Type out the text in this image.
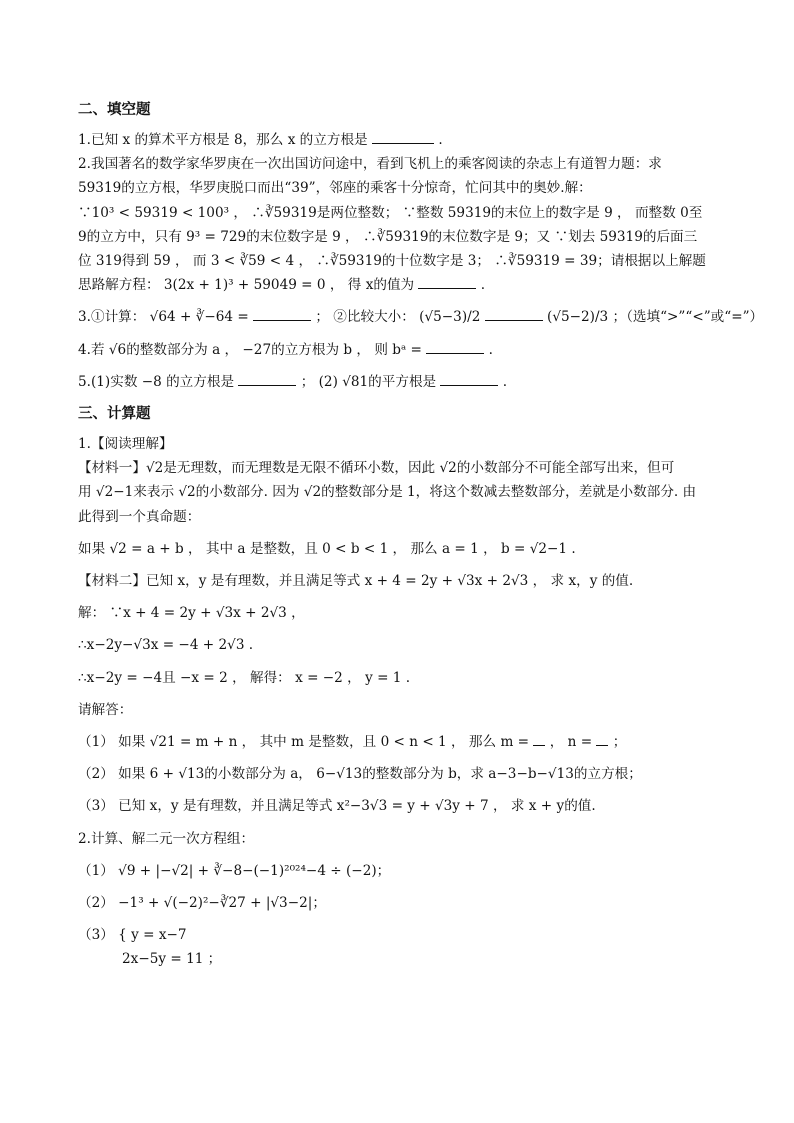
二、填空题

1.已知 x 的算术平方根是 8，那么 x 的立方根是	.

2.我国著名的数学家华罗庚在一次出国访问途中，看到飞机上的乘客阅读的杂志上有道智力题：求

59319的立方根，华罗庚脱口而出“39”，邻座的乘客十分惊奇，忙问其中的奥妙.解：

∵10³ < 59319 < 100³ ， ∴∛59319是两位整数； ∵整数 59319的末位上的数字是 9 ， 而整数 0至

9的立方中，只有 9³ = 729的末位数字是 9 ， ∴∛59319的末位数字是 9；又 ∵划去 59319的后面三

位 319得到 59 ， 而 3 < ∛59 < 4 ， ∴∛59319的十位数字是 3； ∴∛59319 = 39；请根据以上解题

思路解方程： 3(2x + 1)³ + 59049 = 0 ， 得 x的值为	.

3.①计算： √64 + ∛−64 =	； ②比较大小： (√5−3)/2	(√5−2)/3 ；（选填“>”“<”或“=”）

4.若 √6的整数部分为 a ， −27的立方根为 b ， 则 bᵃ =	.

5.(1)实数 −8 的立方根是	； (2) √81的平方根是	.

三、计算题

1.【阅读理解】

【材料一】√2是无理数，而无理数是无限不循环小数，因此 √2的小数部分不可能全部写出来，但可

用 √2−1来表示 √2的小数部分. 因为 √2的整数部分是 1，将这个数减去整数部分，差就是小数部分. 由

此得到一个真命题：

如果 √2 = a + b ， 其中 a 是整数，且 0 < b < 1 ， 那么 a = 1 ， b = √2−1 .

【材料二】已知 x，y 是有理数，并且满足等式 x + 4 = 2y + √3x + 2√3 ， 求 x，y 的值.

解： ∵x + 4 = 2y + √3x + 2√3 ，

∴x−2y−√3x = −4 + 2√3 .

∴x−2y = −4且 −x = 2 ， 解得： x = −2 ， y = 1 .

请解答：

（1） 如果 √21 = m + n ， 其中 m 是整数，且 0 < n < 1 ， 那么 m = ， n = ；

（2） 如果 6 + √13的小数部分为 a， 6−√13的整数部分为 b，求 a−3−b−√13的立方根；

（3） 已知 x，y 是有理数，并且满足等式 x²−3√3 = y + √3y + 7 ， 求 x + y的值.

2.计算、解二元一次方程组：

（1） √9 + |−√2| + ∛−8−(−1)²⁰²⁴−4 ÷ (−2)；

（2） −1³ + √(−2)²−∛27 + |√3−2|；

（3） { y = x−7

2x−5y = 11 ；
